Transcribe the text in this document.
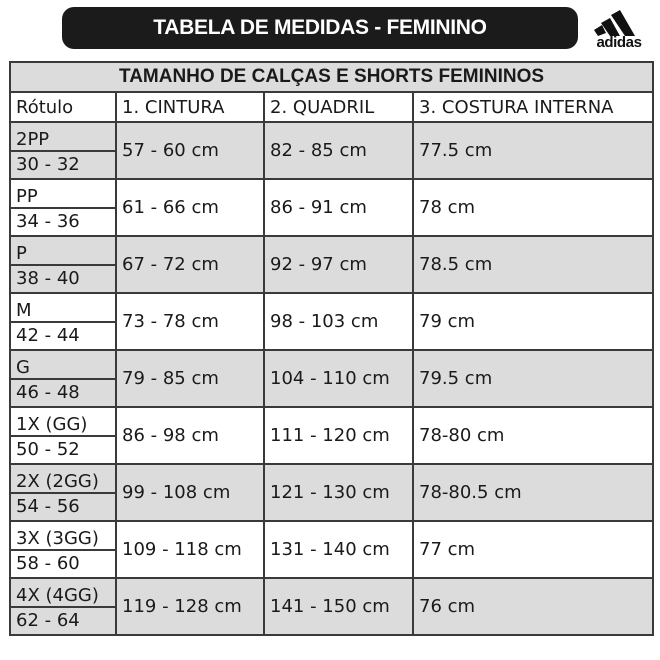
TABELA DE MEDIDAS - FEMININO
adidas
TAMANHO DE CALÇAS E SHORTS FEMININOS			
Rótulo	1. CINTURA	2. QUADRIL	3. COSTURA INTERNA
2PP	57 - 60 cm	82 - 85 cm	77.5 cm
30 - 32			
PP	61 - 66 cm	86 - 91 cm	78 cm
34 - 36			
P	67 - 72 cm	92 - 97 cm	78.5 cm
38 - 40			
M	73 - 78 cm	98 - 103 cm	79 cm
42 - 44			
G	79 - 85 cm	104 - 110 cm	79.5 cm
46 - 48			
1X (GG)	86 - 98 cm	111 - 120 cm	78-80 cm
50 - 52			
2X (2GG)	99 - 108 cm	121 - 130 cm	78-80.5 cm
54 - 56			
3X (3GG)	109 - 118 cm	131 - 140 cm	77 cm
58 - 60			
4X (4GG)	119 - 128 cm	141 - 150 cm	76 cm
62 - 64			
